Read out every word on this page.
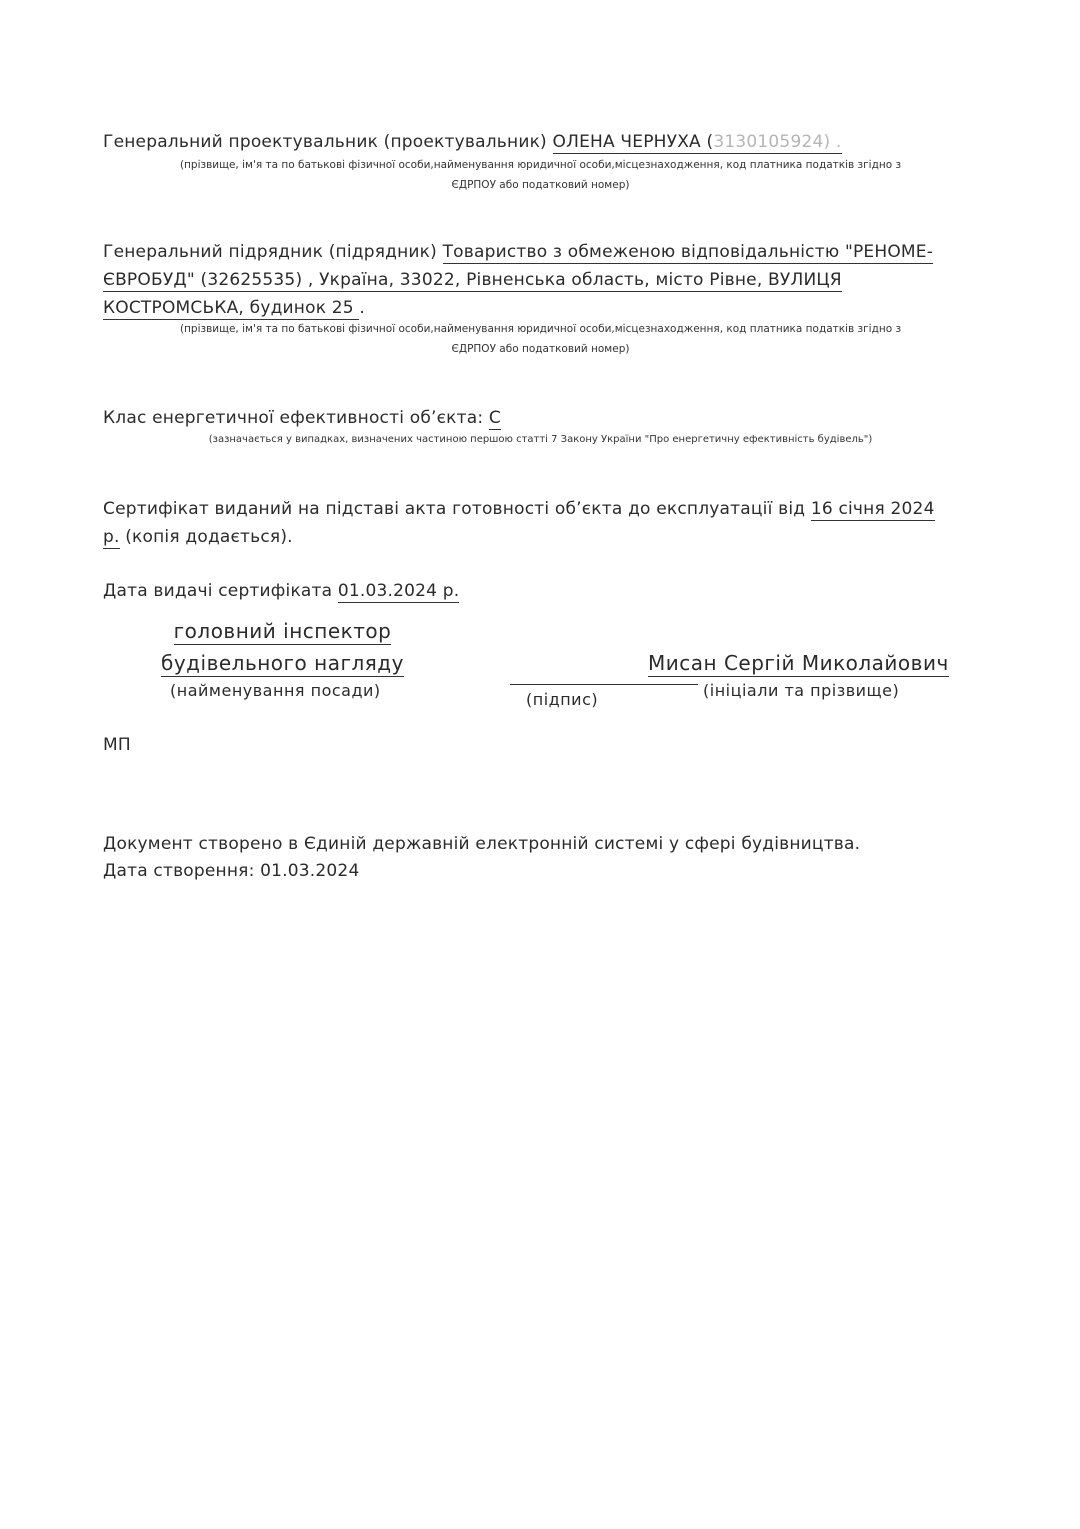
Генеральний проектувальник (проектувальник) ОЛЕНА ЧЕРНУХА (3130105924) .
(прізвище, ім'я та по батькові фізичної особи,найменування юридичної особи,місцезнаходження, код платника податків згідно з
ЄДРПОУ або податковий номер)
Генеральний підрядник (підрядник) Товариство з обмеженою відповідальністю "РЕНОМЕ-
ЄВРОБУД" (32625535) , Україна, 33022, Рівненська область, місто Рівне, ВУЛИЦЯ
КОСТРОМСЬКА, будинок 25 .
(прізвище, ім'я та по батькові фізичної особи,найменування юридичної особи,місцезнаходження, код платника податків згідно з
ЄДРПОУ або податковий номер)
Клас енергетичної ефективності об’єкта: C
(зазначається у випадках, визначених частиною першою статті 7 Закону України "Про енергетичну ефективність будівель")
Сертифікат виданий на підставі акта готовності об’єкта до експлуатації від 16 січня 2024
р. (копія додається).
Дата видачі сертифіката 01.03.2024 р.
головний інспектор
будівельного нагляду
(найменування посади)	(підпис)
Мисан Сергій Миколайович
(ініціали та прізвище)
МП
Документ створено в Єдиній державній електронній системі у сфері будівництва.
Дата створення: 01.03.2024
